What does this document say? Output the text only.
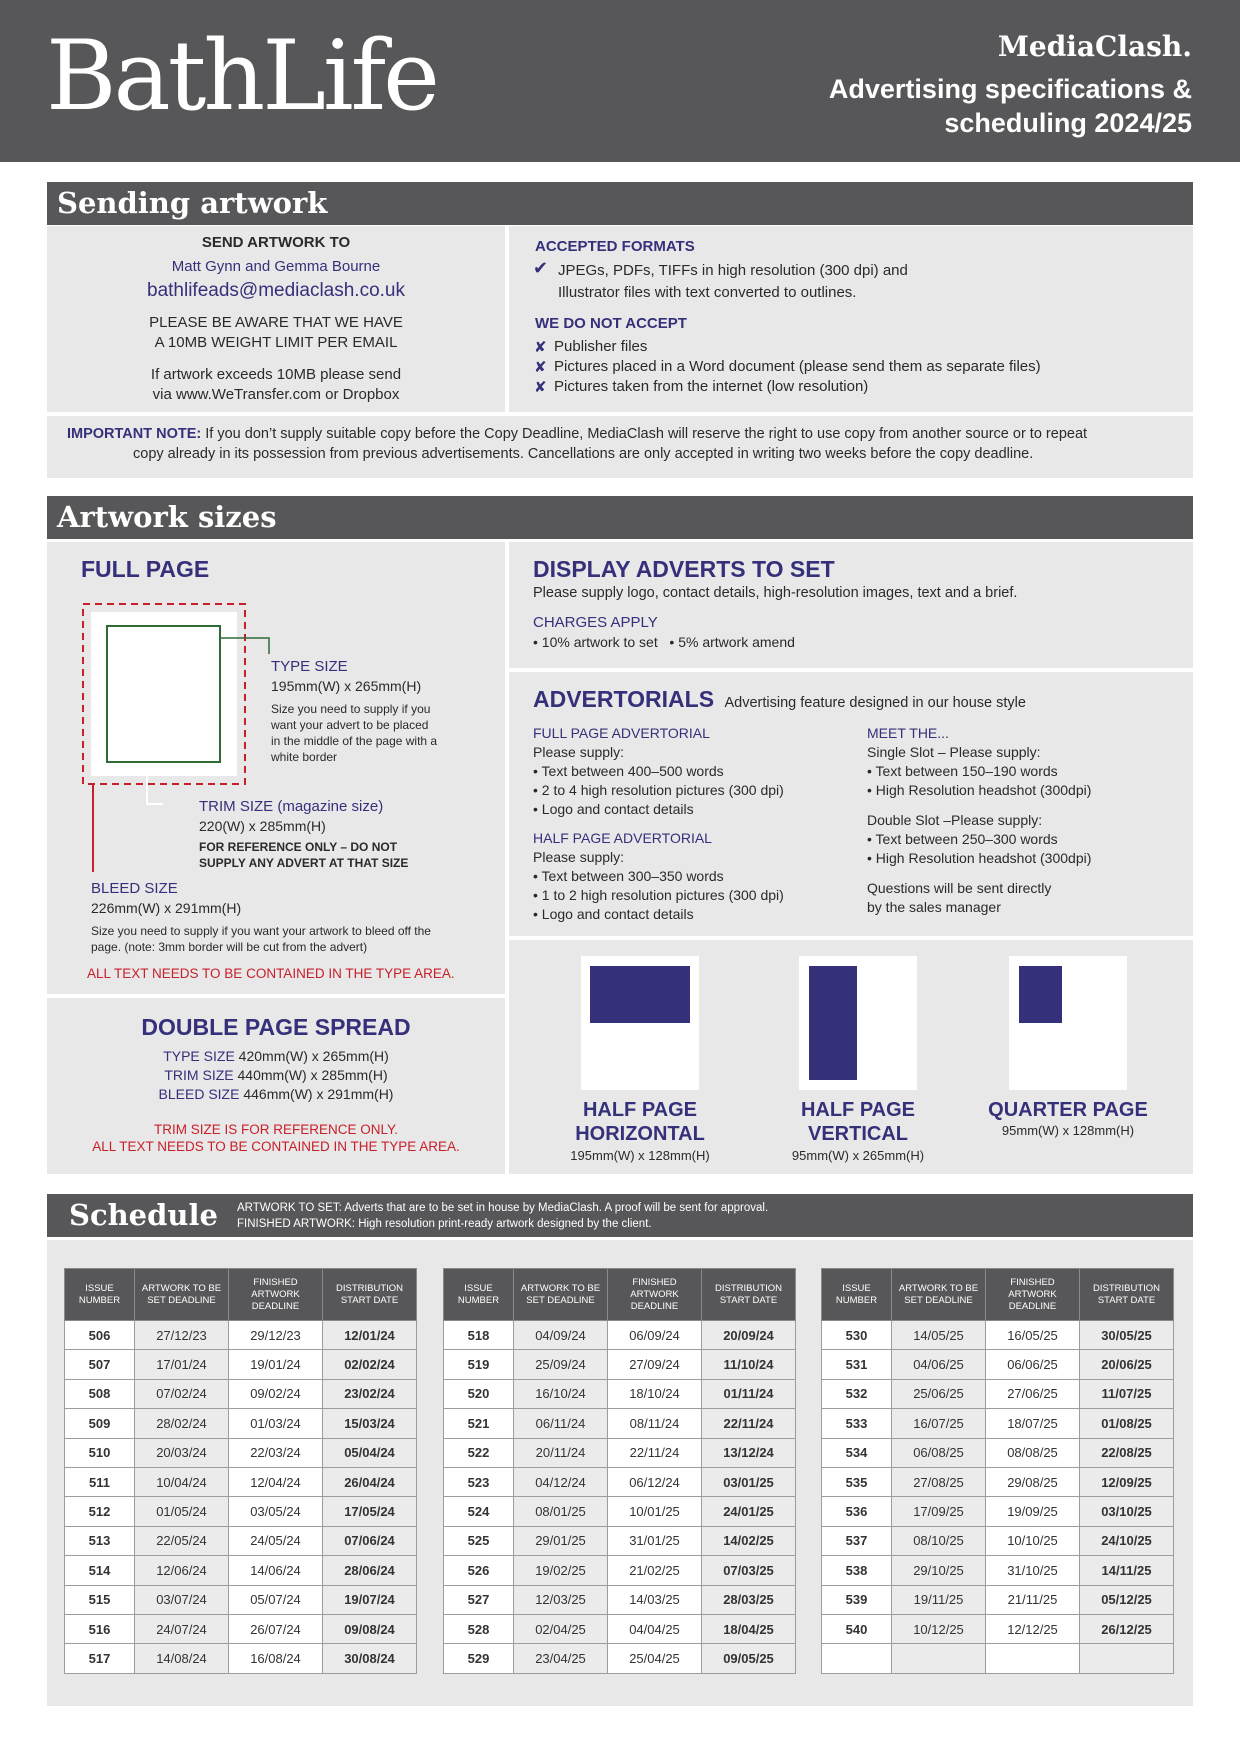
BathLife	MediaClash.
Advertising specifications & scheduling 2024/25
Sending artwork
SEND ARTWORK TO
Matt Gynn and Gemma Bourne
bathlifeads@mediaclash.co.uk
PLEASE BE AWARE THAT WE HAVE
A 10MB WEIGHT LIMIT PER EMAIL
If artwork exceeds 10MB please send
via www.WeTransfer.com or Dropbox
ACCEPTED FORMATS
✔ JPEGs, PDFs, TIFFs in high resolution (300 dpi) and
Illustrator files with text converted to outlines.
WE DO NOT ACCEPT
✘ Publisher files
✘ Pictures placed in a Word document (please send them as separate files)
✘ Pictures taken from the internet (low resolution)
IMPORTANT NOTE: If you don’t supply suitable copy before the Copy Deadline, MediaClash will reserve the right to use copy from another source or to repeat
copy already in its possession from previous advertisements. Cancellations are only accepted in writing two weeks before the copy deadline.
Artwork sizes
FULL PAGE
TYPE SIZE
195mm(W) x 265mm(H)
Size you need to supply if you
want your advert to be placed
in the middle of the page with a
white border
TRIM SIZE (magazine size)
220(W) x 285mm(H)
FOR REFERENCE ONLY – DO NOT
SUPPLY ANY ADVERT AT THAT SIZE
BLEED SIZE
226mm(W) x 291mm(H)
Size you need to supply if you want your artwork to bleed off the
page. (note: 3mm border will be cut from the advert)
ALL TEXT NEEDS TO BE CONTAINED IN THE TYPE AREA.
DOUBLE PAGE SPREAD
TYPE SIZE 420mm(W) x 265mm(H)
TRIM SIZE 440mm(W) x 285mm(H)
BLEED SIZE 446mm(W) x 291mm(H)
TRIM SIZE IS FOR REFERENCE ONLY.
ALL TEXT NEEDS TO BE CONTAINED IN THE TYPE AREA.
DISPLAY ADVERTS TO SET
Please supply logo, contact details, high-resolution images, text and a brief.
CHARGES APPLY
• 10% artwork to set   • 5% artwork amend
ADVERTORIALS Advertising feature designed in our house style
FULL PAGE ADVERTORIAL
Please supply:
• Text between 400–500 words
• 2 to 4 high resolution pictures (300 dpi)
• Logo and contact details
HALF PAGE ADVERTORIAL
Please supply:
• Text between 300–350 words
• 1 to 2 high resolution pictures (300 dpi)
• Logo and contact details
MEET THE...
Single Slot – Please supply:
• Text between 150–190 words
• High Resolution headshot (300dpi)
Double Slot –Please supply:
• Text between 250–300 words
• High Resolution headshot (300dpi)
Questions will be sent directly
by the sales manager
HALF PAGE
HORIZONTAL
195mm(W) x 128mm(H)
HALF PAGE
VERTICAL
95mm(W) x 265mm(H)
QUARTER PAGE
95mm(W) x 128mm(H)
Schedule ARTWORK TO SET: Adverts that are to be set in house by MediaClash. A proof will be sent for approval.
FINISHED ARTWORK: High resolution print-ready artwork designed by the client.
ISSUE NUMBER	ARTWORK TO BE SET DEADLINE	FINISHED ARTWORK DEADLINE	DISTRIBUTION START DATE
506	27/12/23	29/12/23	12/01/24
507	17/01/24	19/01/24	02/02/24
508	07/02/24	09/02/24	23/02/24
509	28/02/24	01/03/24	15/03/24
510	20/03/24	22/03/24	05/04/24
511	10/04/24	12/04/24	26/04/24
512	01/05/24	03/05/24	17/05/24
513	22/05/24	24/05/24	07/06/24
514	12/06/24	14/06/24	28/06/24
515	03/07/24	05/07/24	19/07/24
516	24/07/24	26/07/24	09/08/24
517	14/08/24	16/08/24	30/08/24
ISSUE NUMBER	ARTWORK TO BE SET DEADLINE	FINISHED ARTWORK DEADLINE	DISTRIBUTION START DATE
518	04/09/24	06/09/24	20/09/24
519	25/09/24	27/09/24	11/10/24
520	16/10/24	18/10/24	01/11/24
521	06/11/24	08/11/24	22/11/24
522	20/11/24	22/11/24	13/12/24
523	04/12/24	06/12/24	03/01/25
524	08/01/25	10/01/25	24/01/25
525	29/01/25	31/01/25	14/02/25
526	19/02/25	21/02/25	07/03/25
527	12/03/25	14/03/25	28/03/25
528	02/04/25	04/04/25	18/04/25
529	23/04/25	25/04/25	09/05/25
ISSUE NUMBER	ARTWORK TO BE SET DEADLINE	FINISHED ARTWORK DEADLINE	DISTRIBUTION START DATE
530	14/05/25	16/05/25	30/05/25
531	04/06/25	06/06/25	20/06/25
532	25/06/25	27/06/25	11/07/25
533	16/07/25	18/07/25	01/08/25
534	06/08/25	08/08/25	22/08/25
535	27/08/25	29/08/25	12/09/25
536	17/09/25	19/09/25	03/10/25
537	08/10/25	10/10/25	24/10/25
538	29/10/25	31/10/25	14/11/25
539	19/11/25	21/11/25	05/12/25
540	10/12/25	12/12/25	26/12/25
